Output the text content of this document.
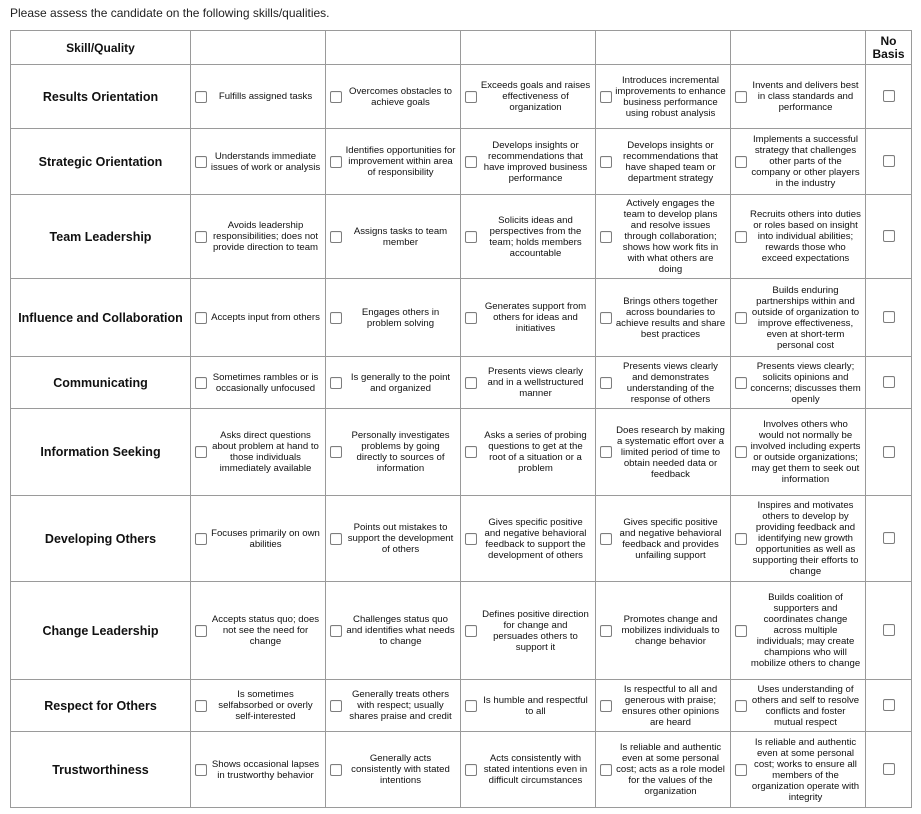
Please assess the candidate on the following skills/qualities.
Skill/Quality						No
Basis
Results Orientation	Fulfills assigned tasks	Overcomes obstacles to achieve goals	Exceeds goals and raises effectiveness of organization	Introduces incremental improvements to enhance business performance using robust analysis	Invents and delivers best in class standards and performance	

Strategic Orientation	Understands immediate issues of work or analysis	Identifies opportunities for improvement within area of responsibility	Develops insights or recommendations that have improved business performance	Develops insights or recommendations that have shaped team or department strategy	Implements a successful strategy that challenges other parts of the company or other players in the industry	

Team Leadership	Avoids leadership responsibilities; does not provide direction to team	Assigns tasks to team member	Solicits ideas and perspectives from the team; holds members accountable	Actively engages the team to develop plans and resolve issues through collaboration; shows how work fits in with what others are doing	Recruits others into duties or roles based on insight into individual abilities; rewards those who exceed expectations	

Influence and Collaboration	Accepts input from others	Engages others in problem solving	Generates support from others for ideas and initiatives	Brings others together across boundaries to achieve results and share best practices	Builds enduring partnerships within and outside of organization to improve effectiveness, even at short-term personal cost	

Communicating	Sometimes rambles or is occasionally unfocused	Is generally to the point and organized	Presents views clearly and in a wellstructured manner	Presents views clearly and demonstrates understanding of the response of others	Presents views clearly; solicits opinions and concerns; discusses them openly	

Information Seeking	Asks direct questions about problem at hand to those individuals immediately available	Personally investigates problems by going directly to sources of information	Asks a series of probing questions to get at the root of a situation or a problem	Does research by making a systematic effort over a limited period of time to obtain needed data or feedback	Involves others who would not normally be involved including experts or outside organizations; may get them to seek out information	

Developing Others	Focuses primarily on own abilities	Points out mistakes to support the development of others	Gives specific positive and negative behavioral feedback to support the development of others	Gives specific positive and negative behavioral feedback and provides unfailing support	Inspires and motivates others to develop by providing feedback and identifying new growth opportunities as well as supporting their efforts to change	

Change Leadership	Accepts status quo; does not see the need for change	Challenges status quo and identifies what needs to change	Defines positive direction for change and persuades others to support it	Promotes change and mobilizes individuals to change behavior	Builds coalition of supporters and coordinates change across multiple individuals; may create champions who will mobilize others to change	

Respect for Others	Is sometimes selfabsorbed or overly self-interested	Generally treats others with respect; usually shares praise and credit	Is humble and respectful to all	Is respectful to all and generous with praise; ensures other opinions are heard	Uses understanding of others and self to resolve conflicts and foster mutual respect	

Trustworthiness	Shows occasional lapses in trustworthy behavior	Generally acts consistently with stated intentions	Acts consistently with stated intentions even in difficult circumstances	Is reliable and authentic even at some personal cost; acts as a role model for the values of the organization	Is reliable and authentic even at some personal cost; works to ensure all members of the organization operate with integrity	
